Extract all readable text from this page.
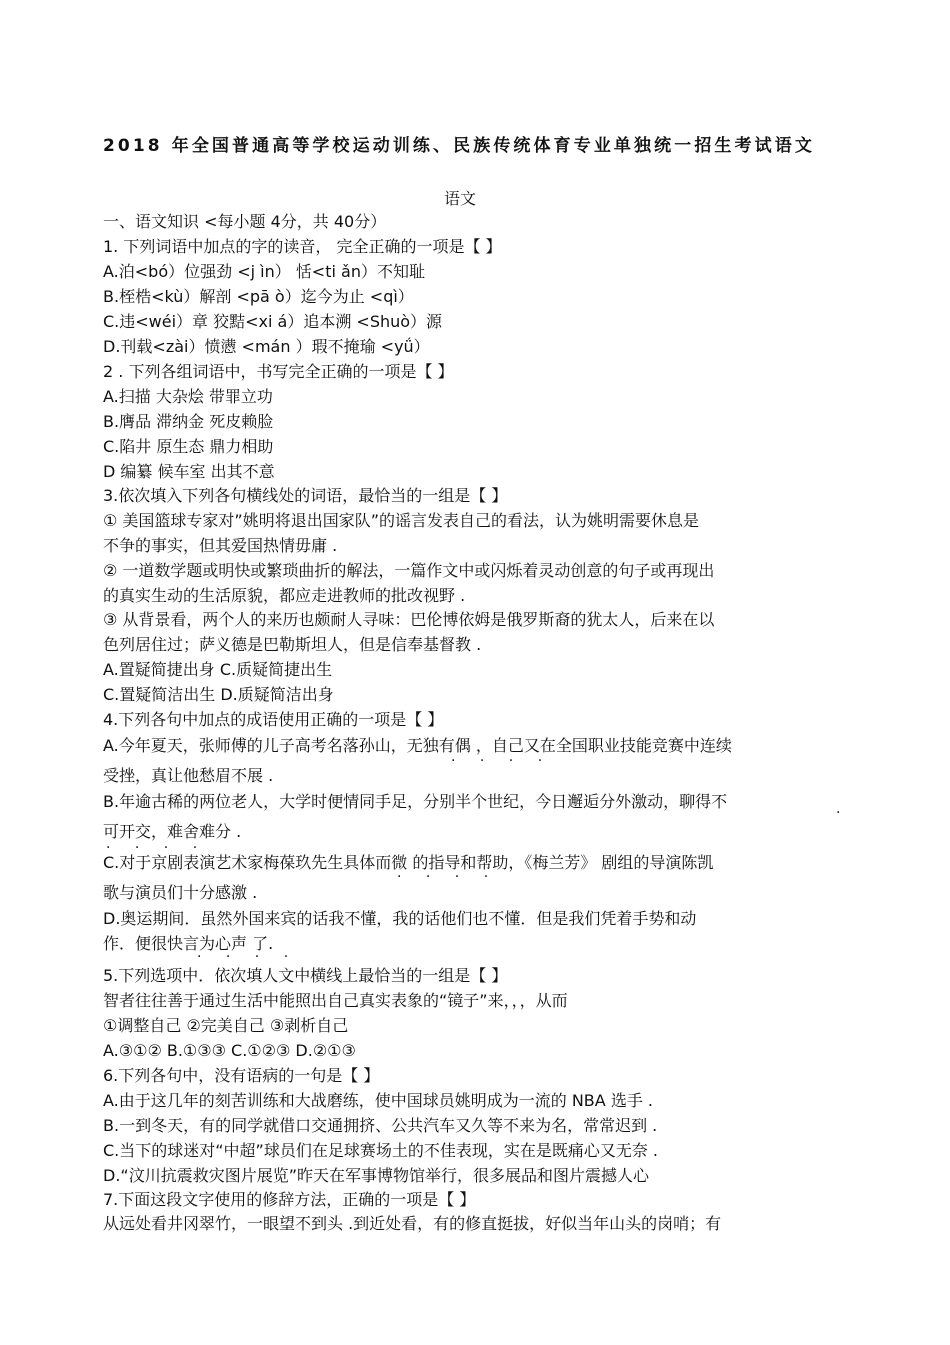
2018 年全国普通高等学校运动训练、民族传统体育专业单独统一招生考试语文
语文
一、语文知识 <每小题 4分，共 40分）
1. 下列词语中加点的字的读音， 完全正确的一项是【 】
A.泊<bó）位强劲 <j ìn） 恬<ti ǎn）不知耻
B.桎梏<kù）解剖 <pā ò）迄今为止 <qì）
C.违<wéi）章 狡黠<xi á）追本溯 <Shuò）源
D.刊载<zài）愤懑 <mán ）瑕不掩瑜 <yǘ）
2 . 下列各组词语中，书写完全正确的一项是【 】
A.扫描 大杂烩 带罪立功
B.膺品 滞纳金 死皮赖脸
C.陷井 原生态 鼎力相助
D 编纂 候车室 出其不意
3.依次填入下列各句横线处的词语，最恰当的一组是【 】
① 美国篮球专家对”姚明将退出国家队”的谣言发表自己的看法，认为姚明需要休息是
不争的事实，但其爱国热情毋庸 .
② 一道数学题或明快或繁琐曲折的解法，一篇作文中或闪烁着灵动创意的句子或再现出
的真实生动的生活原貌，都应走进教师的批改视野 .
③ 从背景看，两个人的来历也颇耐人寻味：巴伦博依姆是俄罗斯裔的犹太人，后来在以
色列居住过；萨义德是巴勒斯坦人，但是信奉基督教 .
A.置疑简捷出身 C.质疑简捷出生
C.置疑简洁出生 D.质疑简洁出身
4.下列各句中加点的成语使用正确的一项是【 】
A.今年夏天，张师傅的儿子高考名落孙山，无独有偶 ，自己又在全国职业技能竞赛中连续
· · · ·
受挫，真让他愁眉不展 .
B.年逾古稀的两位老人，大学时便情同手足，分别半个世纪，今日邂逅分外激动，聊得不
·
可开交，难舍难分 .
· · · ·
C.对于京剧表演艺术家梅葆玖先生具体而微 的指导和帮助，《梅兰芳》 剧组的导演陈凯
· · · ·
歌与演员们十分感激 .
D.奥运期间．虽然外国来宾的话我不懂，我的话他们也不懂．但是我们凭着手势和动
作．便很快言为心声 了.
· · · ·
5.下列选项中．依次填人文中横线上最恰当的一组是【 】
智者往往善于通过生活中能照出自己真实表象的“镜子”来，，，从而
①调整自己 ②完美自己 ③剥析自己
A.③①② B.①③③ C.①②③ D.②①③
6.下列各句中，没有语病的一句是【 】
A.由于这几年的刻苦训练和大战磨练，使中国球员姚明成为一流的 NBA 选手 .
B.一到冬天，有的同学就借口交通拥挤、公共汽车又久等不来为名，常常迟到 .
C.当下的球迷对“中超”球员们在足球赛场土的不佳表现，实在是既痛心又无奈 .
D.“汶川抗震救灾图片展览”昨天在军事博物馆举行，很多展品和图片震撼人心
7.下面这段文字使用的修辞方法，正确的一项是【 】
从远处看井冈翠竹，一眼望不到头 .到近处看，有的修直挺拔，好似当年山头的岗哨；有
